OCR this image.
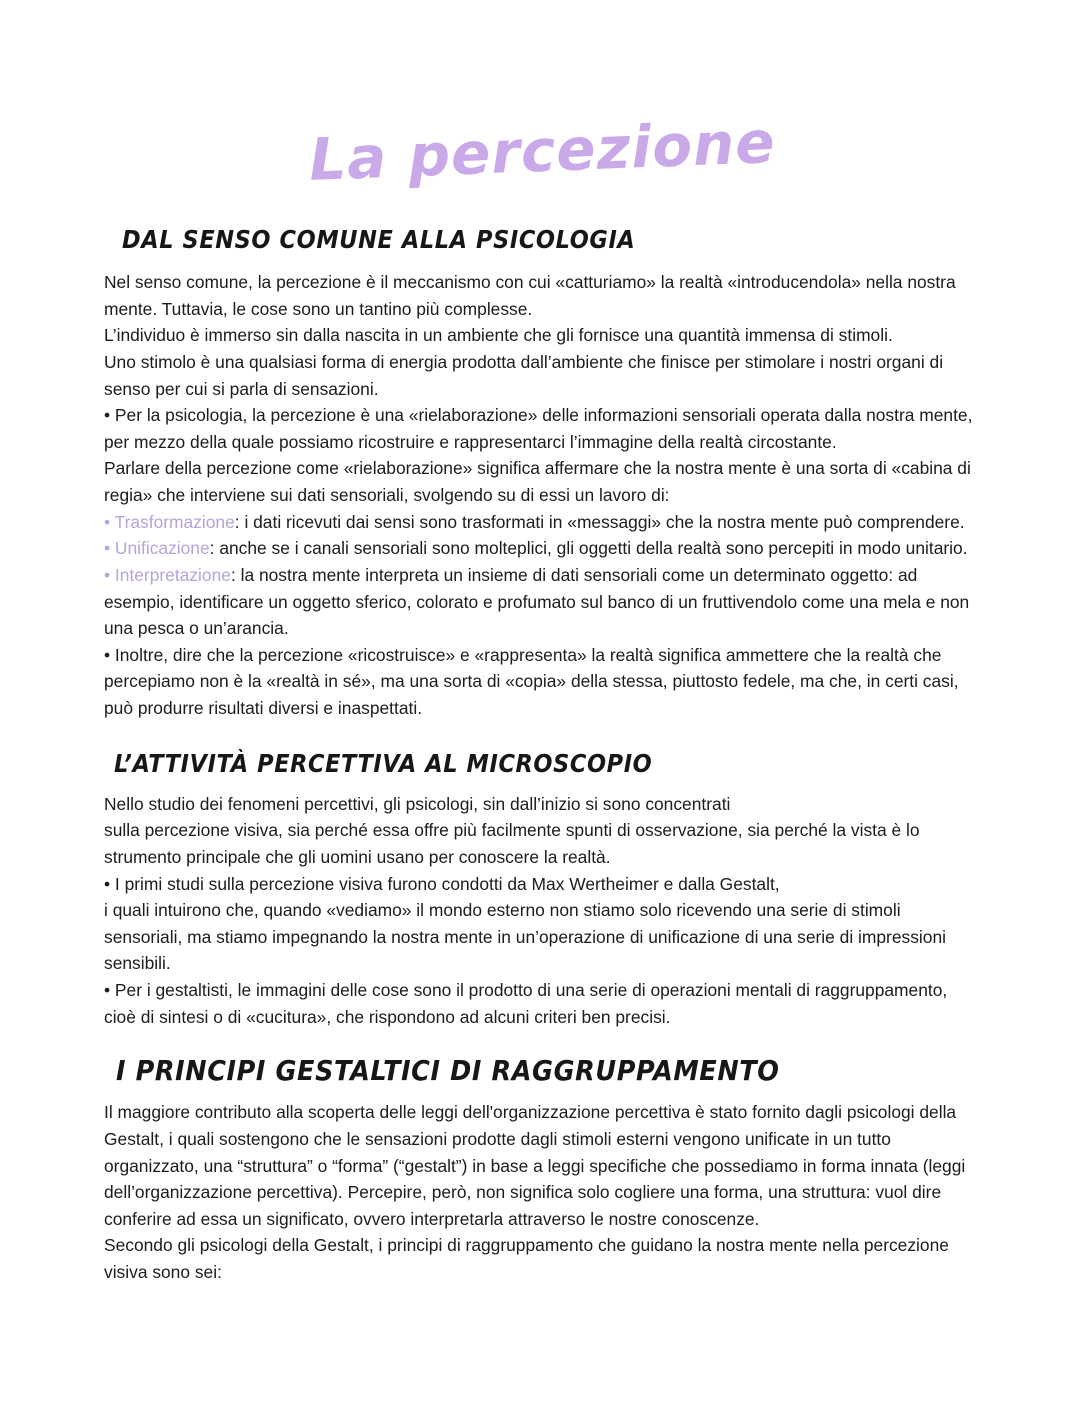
La percezione
DAL SENSO COMUNE ALLA PSICOLOGIA

Nel senso comune, la percezione è il meccanismo con cui «catturiamo» la realtà «introducendola» nella nostra mente. Tuttavia, le cose sono un tantino più complesse.

L’individuo è immerso sin dalla nascita in un ambiente che gli fornisce una quantità immensa di stimoli.

Uno stimolo è una qualsiasi forma di energia prodotta dall’ambiente che finisce per stimolare i nostri organi di senso per cui si parla di sensazioni.

• Per la psicologia, la percezione è una «rielaborazione» delle informazioni sensoriali operata dalla nostra mente, per mezzo della quale possiamo ricostruire e rappresentarci l’immagine della realtà circostante.

Parlare della percezione come «rielaborazione» significa affermare che la nostra mente è una sorta di «cabina di regia» che interviene sui dati sensoriali, svolgendo su di essi un lavoro di:

• Trasformazione: i dati ricevuti dai sensi sono trasformati in «messaggi» che la nostra mente può comprendere.

• Unificazione: anche se i canali sensoriali sono molteplici, gli oggetti della realtà sono percepiti in modo unitario.

• Interpretazione: la nostra mente interpreta un insieme di dati sensoriali come un determinato oggetto: ad esempio, identificare un oggetto sferico, colorato e profumato sul banco di un fruttivendolo come una mela e non una pesca o un’arancia.

• Inoltre, dire che la percezione «ricostruisce» e «rappresenta» la realtà significa ammettere che la realtà che percepiamo non è la «realtà in sé», ma una sorta di «copia» della stessa, piuttosto fedele, ma che, in certi casi, può produrre risultati diversi e inaspettati.

L’ATTIVITÀ PERCETTIVA AL MICROSCOPIO

Nello studio dei fenomeni percettivi, gli psicologi, sin dall’inizio si sono concentrati

sulla percezione visiva, sia perché essa offre più facilmente spunti di osservazione, sia perché la vista è lo strumento principale che gli uomini usano per conoscere la realtà.

• I primi studi sulla percezione visiva furono condotti da Max Wertheimer e dalla Gestalt,

i quali intuirono che, quando «vediamo» il mondo esterno non stiamo solo ricevendo una serie di stimoli sensoriali, ma stiamo impegnando la nostra mente in un’operazione di unificazione di una serie di impressioni sensibili.

• Per i gestaltisti, le immagini delle cose sono il prodotto di una serie di operazioni mentali di raggruppamento, cioè di sintesi o di «cucitura», che rispondono ad alcuni criteri ben precisi.

I PRINCIPI GESTALTICI DI RAGGRUPPAMENTO

Il maggiore contributo alla scoperta delle leggi dell'organizzazione percettiva è stato fornito dagli psicologi della Gestalt, i quali sostengono che le sensazioni prodotte dagli stimoli esterni vengono unificate in un tutto organizzato, una “struttura” o “forma” (“gestalt”) in base a leggi specifiche che possediamo in forma innata (leggi dell’organizzazione percettiva). Percepire, però, non significa solo cogliere una forma, una struttura: vuol dire conferire ad essa un significato, ovvero interpretarla attraverso le nostre conoscenze.

Secondo gli psicologi della Gestalt, i principi di raggruppamento che guidano la nostra mente nella percezione visiva sono sei:
